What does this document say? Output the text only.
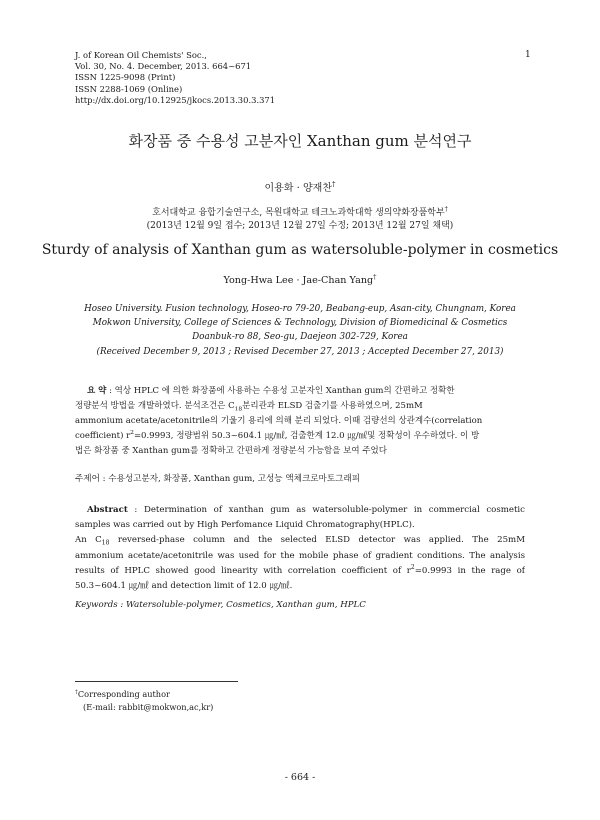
J. of Korean Oil Chemists' Soc.,
Vol. 30, No. 4. December, 2013. 664~671
ISSN 1225-9098 (Print)
ISSN 2288-1069 (Online)
http://dx.doi.org/10.12925/jkocs.2013.30.3.371
1
화장품 중 수용성 고분자인 Xanthan gum 분석연구
이용화 · 양재찬†
호서대학교 융합기술연구소, 목원대학교 테크노과학대학 생의약화장품학부†
(2013년 12월 9일 접수; 2013년 12월 27일 수정; 2013년 12월 27일 채택)
Sturdy of analysis of Xanthan gum as watersoluble-polymer in cosmetics
Yong-Hwa Lee · Jae-Chan Yang†
Hoseo University. Fusion technology, Hoseo-ro 79-20, Beabang-eup, Asan-city, Chungnam, Korea
Mokwon University, College of Sciences & Technology, Division of Biomedicinal & Cosmetics
Doanbuk-ro 88, Seo-gu, Daejeon 302-729, Korea
(Received December 9, 2013 ; Revised December 27, 2013 ; Accepted December 27, 2013)
요 약 : 역상 HPLC 에 의한 화장품에 사용하는 수용성 고분자인 Xanthan gum의 간편하고 정확한
정량분석 방법을 개발하였다. 분석조건은 $C_{18}$분리관과 ELSD 검출기를 사용하였으며, 25mM
ammonium acetate/acetonitrile의 기울기 용리에 의해 분리 되었다. 이때 검량선의 상관계수(correlation
coefficient) $r^2=0.9993$, 정량범위 50.3~604.1 ㎍/㎖, 검출한계 12.0 ㎍/㎖및 정확성이 우수하였다. 이 방
법은 화장품 중 Xanthan gum를 정확하고 간편하게 정량분석 가능함을 보여 주었다
주제어 : 수용성고분자, 화장품, Xanthan gum, 고성능 액체크로마토그래피
Abstract : Determination of xanthan gum as watersoluble-polymer in commercial cosmetic
samples was carried out by High Perfomance Liquid Chromatography(HPLC).
An $C_{18}$ reversed-phase column and the selected ELSD detector was applied. The 25mM
ammonium acetate/acetonitrile was used for the mobile phase of gradient conditions. The analysis
results of HPLC showed good linearity with correlation coefficient of $r^2=0.9993$ in the rage of
50.3~604.1 ㎍/㎖ and detection limit of 12.0 ㎍/㎖.
Keywords : Watersoluble-polymer, Cosmetics, Xanthan gum, HPLC
†Corresponding author
(E-mail: rabbit@mokwon,ac,kr)
- 664 -
